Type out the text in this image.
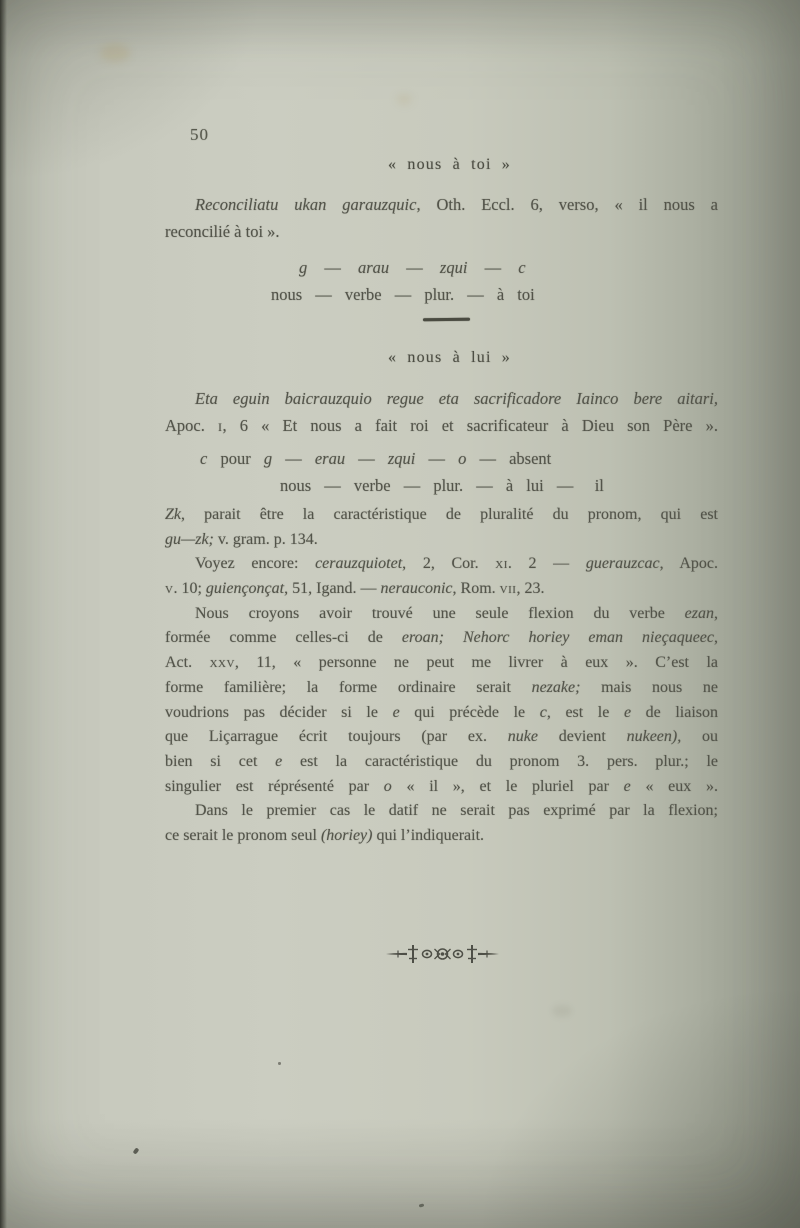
50
« nous à toi »
Reconciliatu ukan garauzquic, Oth. Eccl. 6, verso, « il nous a
reconcilié à toi ».
g — arau — zqui — c
nous — verbe — plur. — à toi
« nous à lui »
Eta eguin baicrauzquio regue eta sacrificadore Iainco bere aitari,
Apoc. i, 6 « Et nous a fait roi et sacrificateur à Dieu son Père ».
c pour g — erau — zqui — o — absent
nous — verbe — plur. — à lui —  il
Zk, parait être la caractéristique de pluralité du pronom, qui est
gu—zk; v. gram. p. 134.
Voyez encore: cerauzquiotet, 2, Cor. xi. 2 — guerauzcac, Apoc.
v. 10; guiençonçat, 51, Igand. — nerauconic, Rom. vii, 23.
Nous croyons avoir trouvé une seule flexion du verbe ezan,
formée comme celles-ci de eroan; Nehorc horiey eman nieçaqueec,
Act. xxv, 11, « personne ne peut me livrer à eux ». C’est la
forme familière; la forme ordinaire serait nezake; mais nous ne
voudrions pas décider si le e qui précède le c, est le e de liaison
que Liçarrague écrit toujours (par ex. nuke devient nukeen), ou
bien si cet e est la caractéristique du pronom 3. pers. plur.; le
singulier est réprésenté par o « il », et le pluriel par e « eux ».
Dans le premier cas le datif ne serait pas exprimé par la flexion;
ce serait le pronom seul (horiey) qui l’indiquerait.
